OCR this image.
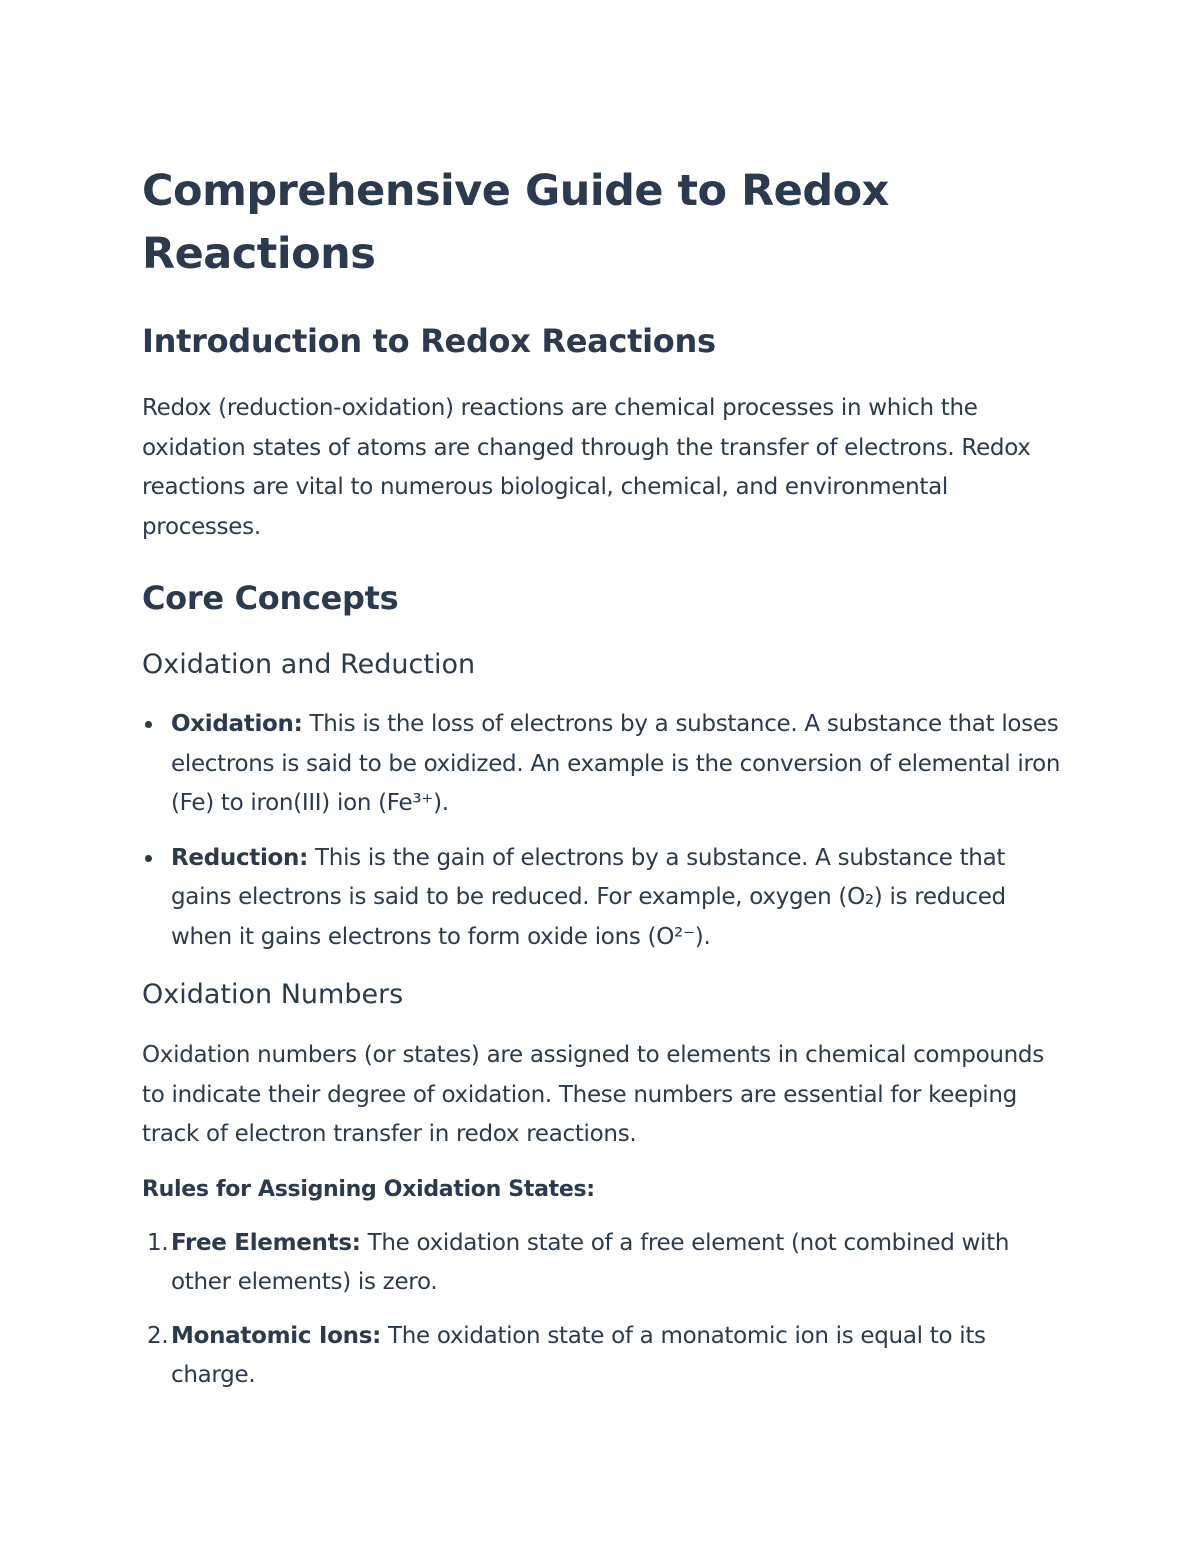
Comprehensive Guide to Redox Reactions
Introduction to Redox Reactions

Redox (reduction-oxidation) reactions are chemical processes in which the oxidation states of atoms are changed through the transfer of electrons. Redox reactions are vital to numerous biological, chemical, and environmental processes.

Core Concepts
Oxidation and Reduction
Oxidation: This is the loss of electrons by a substance. A substance that loses electrons is said to be oxidized. An example is the conversion of elemental iron (Fe) to iron(III) ion (Fe³⁺).
Reduction: This is the gain of electrons by a substance. A substance that gains electrons is said to be reduced. For example, oxygen (O₂) is reduced when it gains electrons to form oxide ions (O²⁻).
Oxidation Numbers

Oxidation numbers (or states) are assigned to elements in chemical compounds to indicate their degree of oxidation. These numbers are essential for keeping track of electron transfer in redox reactions.

Rules for Assigning Oxidation States:

1. Free Elements: The oxidation state of a free element (not combined with other elements) is zero.
2. Monatomic Ions: The oxidation state of a monatomic ion is equal to its charge.
